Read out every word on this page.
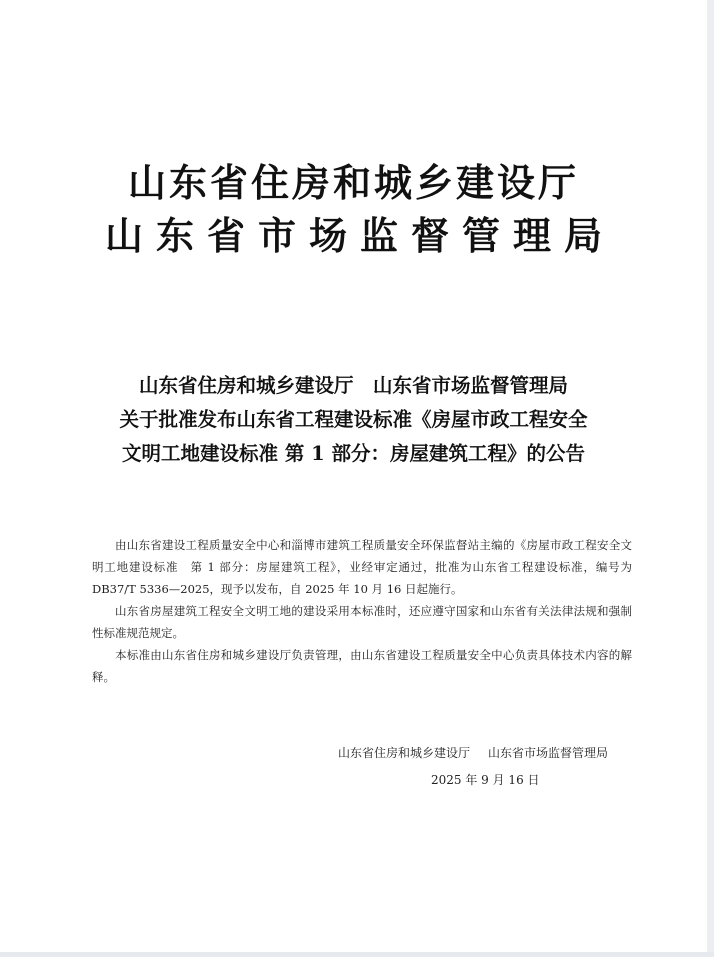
山东省住房和城乡建设厅
山东省市场监督管理局
山东省住房和城乡建设厅　山东省市场监督管理局
关于批准发布山东省工程建设标准《房屋市政工程安全
文明工地建设标准 第 1 部分：房屋建筑工程》的公告

由山东省建设工程质量安全中心和淄博市建筑工程质量安全环保监督站主编的《房屋市政工程安全文明工地建设标准　第 1 部分：房屋建筑工程》，业经审定通过，批准为山东省工程建设标准，编号为 DB37/T 5336—2025，现予以发布，自 2025 年 10 月 16 日起施行。

山东省房屋建筑工程安全文明工地的建设采用本标准时，还应遵守国家和山东省有关法律法规和强制性标准规范规定。

本标准由山东省住房和城乡建设厅负责管理，由山东省建设工程质量安全中心负责具体技术内容的解释。

山东省住房和城乡建设厅 山东省市场监督管理局
2025 年 9 月 16 日
